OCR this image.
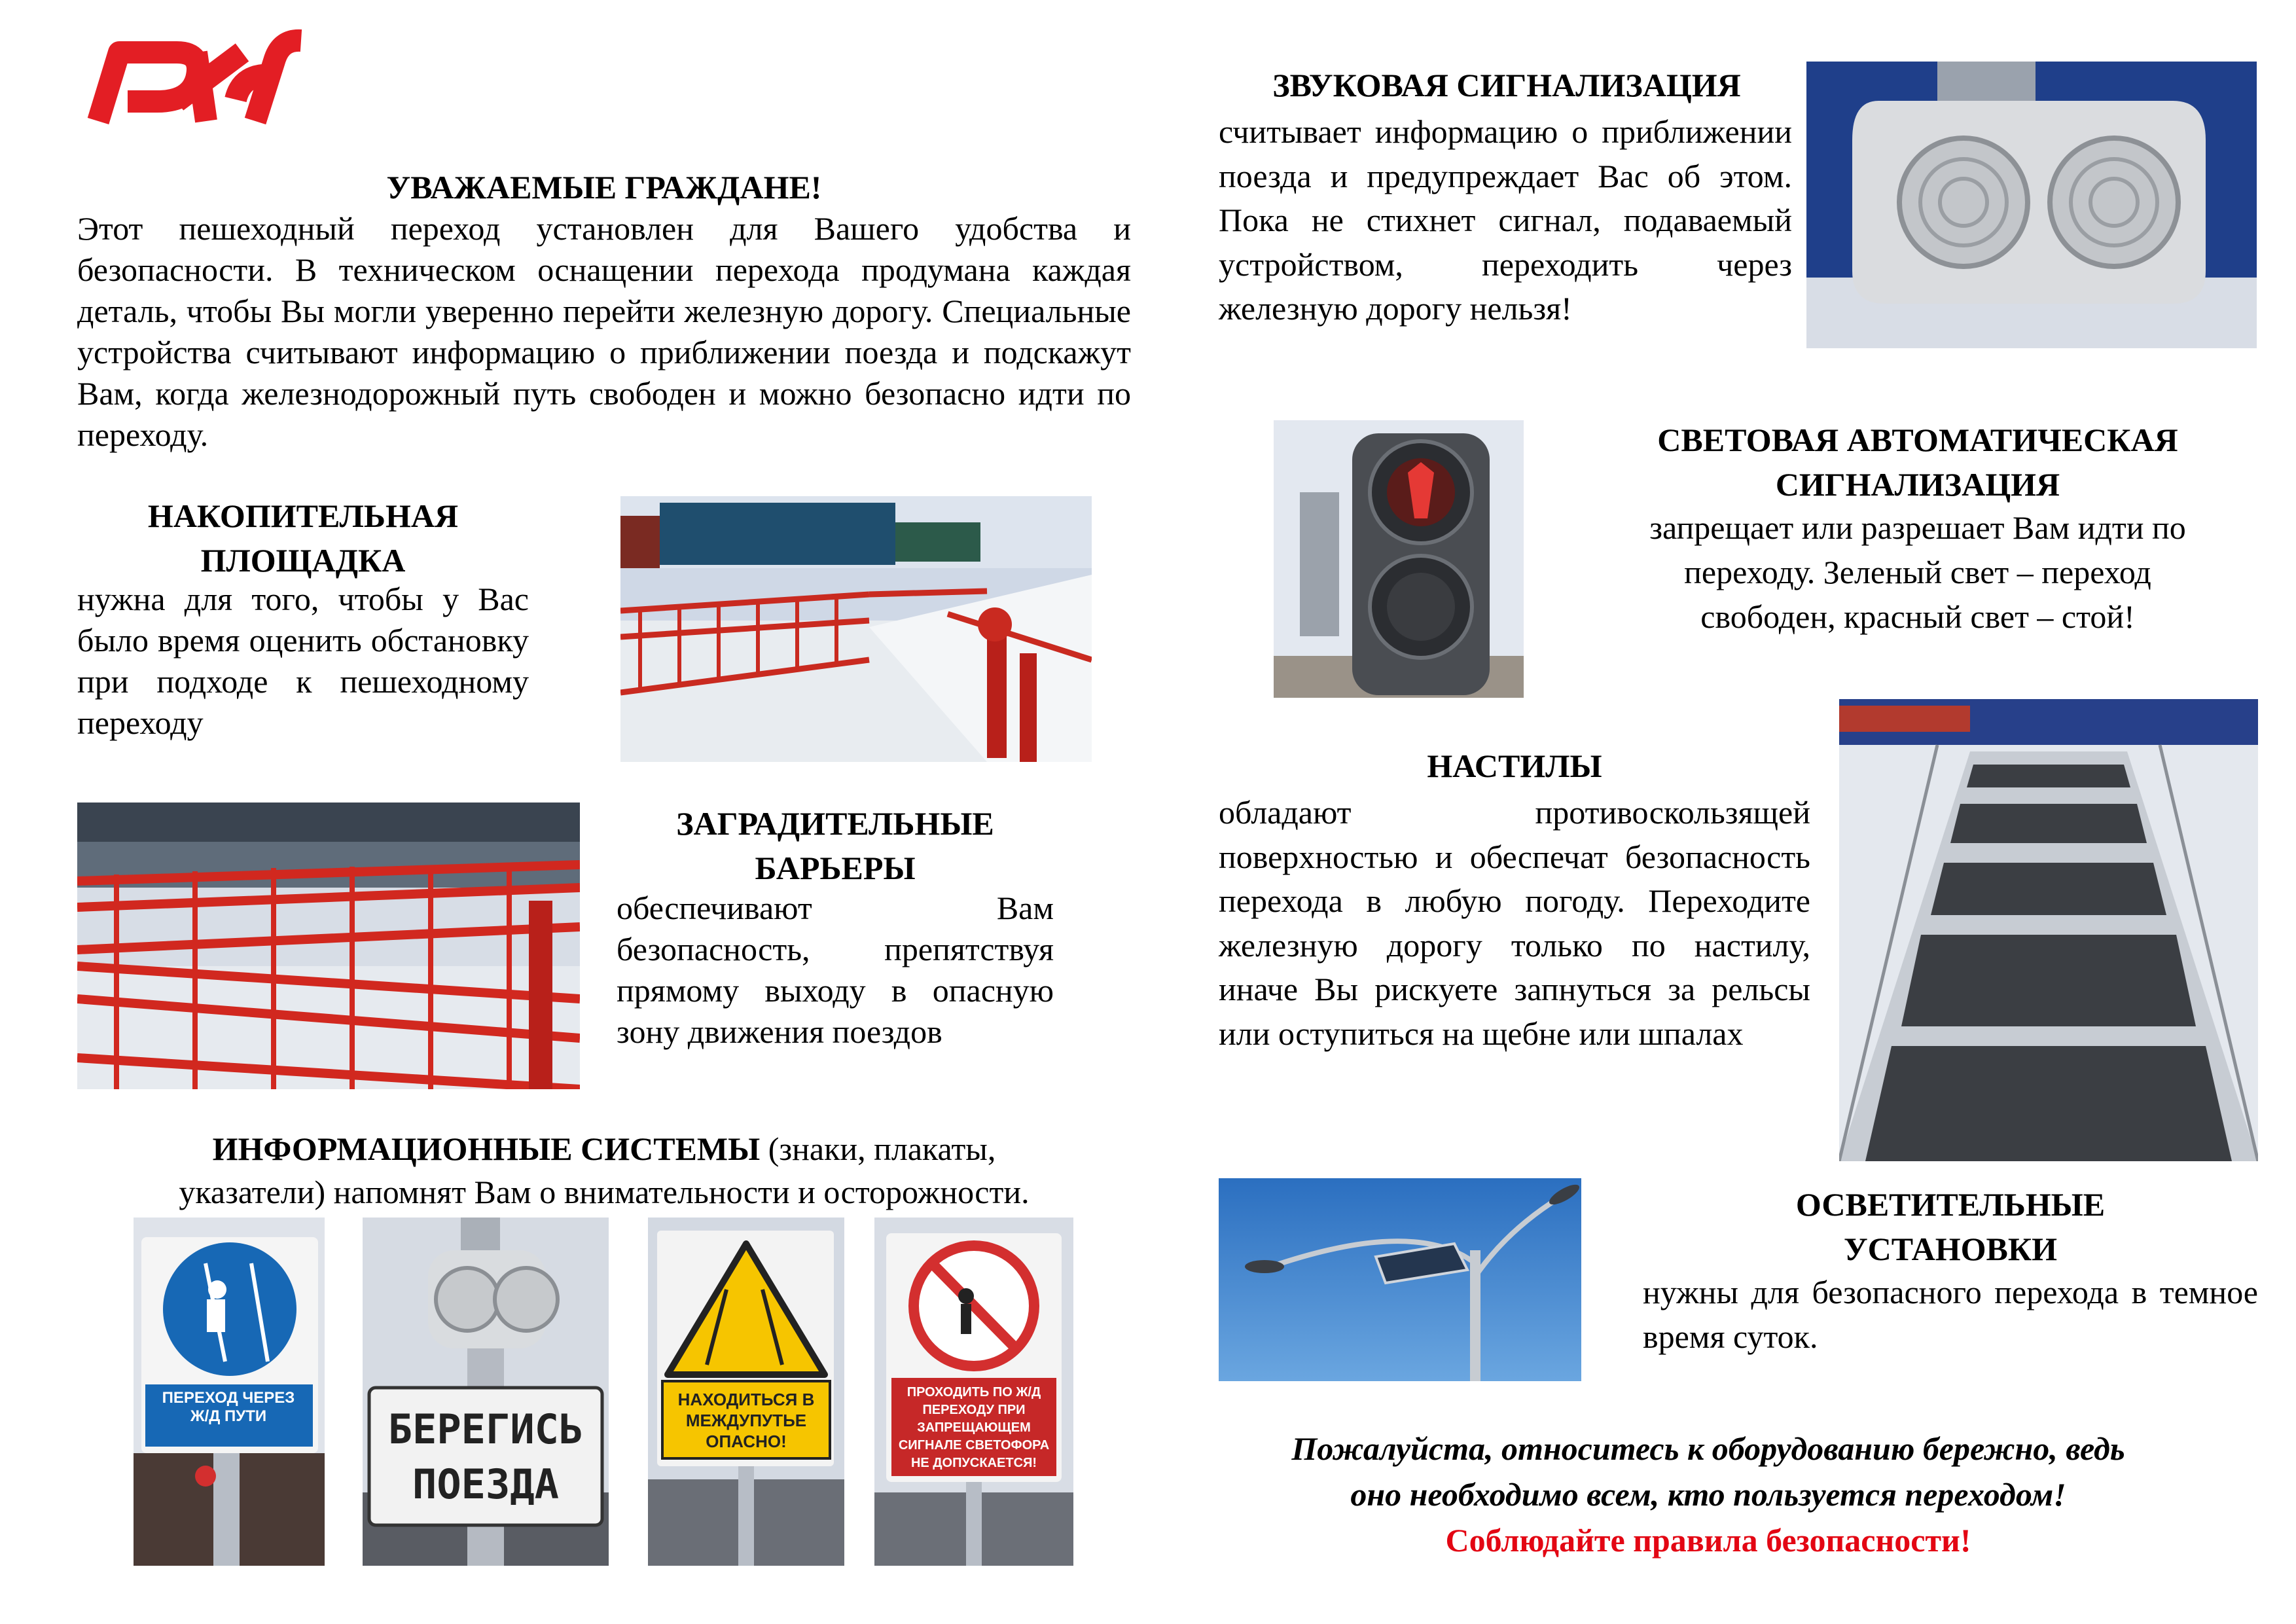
УВАЖАЕМЫЕ ГРАЖДАНЕ!
Этот пешеходный переход установлен для Вашего удобства и безопасности. В техническом оснащении перехода продумана каждая деталь, чтобы Вы могли уверенно перейти железную дорогу. Специальные устройства считывают информацию о приближении поезда и подскажут Вам, когда железнодорожный путь свободен и можно безопасно идти по переходу.
НАКОПИТЕЛЬНАЯ
ПЛОЩАДКА
нужна для того, чтобы у Вас было время оценить обстановку при подходе к пешеходному переходу
ЗАГРАДИТЕЛЬНЫЕ
БАРЬЕРЫ
обеспечивают Вам безопасность, препятствуя прямому выходу в опасную зону движения поездов
ИНФОРМАЦИОННЫЕ СИСТЕМЫ (знаки, плакаты,
указатели) напомнят Вам о внимательности и осторожности.
ПЕРЕХОД ЧЕРЕЗ Ж/Д ПУТИ	БЕРЕГИСЬ
ПОЕЗДА
НАХОДИТЬСЯ В МЕЖДУПУТЬЕ ОПАСНО!
ПРОХОДИТЬ ПО Ж/Д ПЕРЕХОДУ ПРИ ЗАПРЕЩАЮЩЕМ СИГНАЛЕ СВЕТОФОРА НЕ ДОПУСКАЕТСЯ!
ЗВУКОВАЯ СИГНАЛИЗАЦИЯ
считывает информацию о приближении поезда и предупреждает Вас об этом. Пока не стихнет сигнал, подаваемый устройством, переходить через железную дорогу нельзя!
СВЕТОВАЯ АВТОМАТИЧЕСКАЯ
СИГНАЛИЗАЦИЯ
запрещает или разрешает Вам идти по
переходу. Зеленый свет – переход
свободен, красный свет – стой!
НАСТИЛЫ
обладают противоскользящей поверхностью и обеспечат безопасность перехода в любую погоду. Переходите железную дорогу только по настилу, иначе Вы рискуете запнуться за рельсы или оступиться на щебне или шпалах
ОСВЕТИТЕЛЬНЫЕ
УСТАНОВКИ
нужны для безопасного перехода в темное время суток.
Пожалуйста, относитесь к оборудованию бережно, ведь
оно необходимо всем, кто пользуется переходом!
Соблюдайте правила безопасности!
